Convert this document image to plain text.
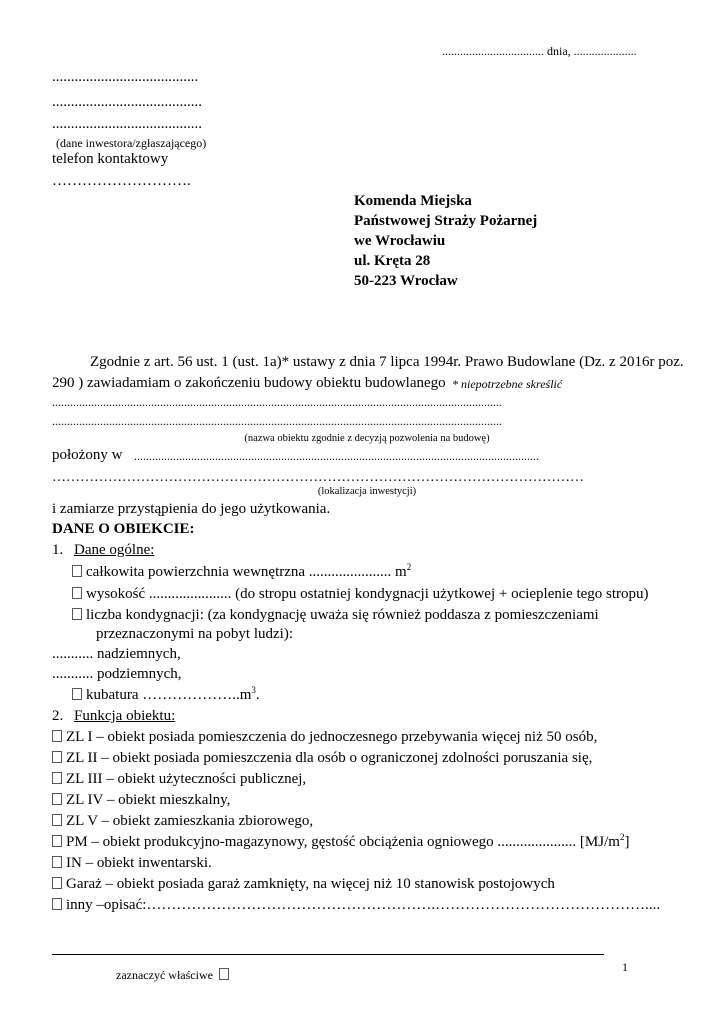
.................................. dnia, .....................
.......................................
........................................
........................................
(dane inwestora/zgłaszającego)
telefon kontaktowy
……………………….
Komenda Miejska
Państwowej Straży Pożarnej
we Wrocławiu
ul. Kręta 28
50-223 Wrocław
Zgodnie z art. 56 ust. 1 (ust. 1a)* ustawy z dnia 7 lipca 1994r. Prawo Budowlane (Dz. z 2016r poz.
290 ) zawiadamiam o zakończeniu budowy obiektu budowlanego * niepotrzebne skreślić
......................................................................................................................................................
......................................................................................................................................................
(nazwa obiektu zgodnie z decyzją pozwolenia na budowę)
położony w .......................................................................................................................................
……………………………………………………………………………………………………
(lokalizacja inwestycji)
i zamiarze przystąpienia do jego użytkowania.
DANE O OBIEKCIE:
1. Dane ogólne:
całkowita powierzchnia wewnętrzna ...................... $m^2$
wysokość ...................... (do stropu ostatniej kondygnacji użytkowej + ocieplenie tego stropu)
liczba kondygnacji: (za kondygnację uważa się również poddasza z pomieszczeniami
przeznaczonymi na pobyt ludzi):
........... nadziemnych,
........... podziemnych,
kubatura $\dots\dots\dots\dots\dots\dots..m^3$.
2. Funkcja obiektu:
ZL I – obiekt posiada pomieszczenia do jednoczesnego przebywania więcej niż 50 osób,
ZL II – obiekt posiada pomieszczenia dla osób o ograniczonej zdolności poruszania się,
ZL III – obiekt użyteczności publicznej,
ZL IV – obiekt mieszkalny,
ZL V – obiekt zamieszkania zbiorowego,
PM – obiekt produkcyjno-magazynowy, gęstość obciążenia ogniowego ..................... $[MJ/m^2]$
IN – obiekt inwentarski.
Garaż – obiekt posiada garaż zamknięty, na więcej niż 10 stanowisk postojowych
inny –opisać:………………………………………………….……………………………………....
zaznaczyć właściwe
1
